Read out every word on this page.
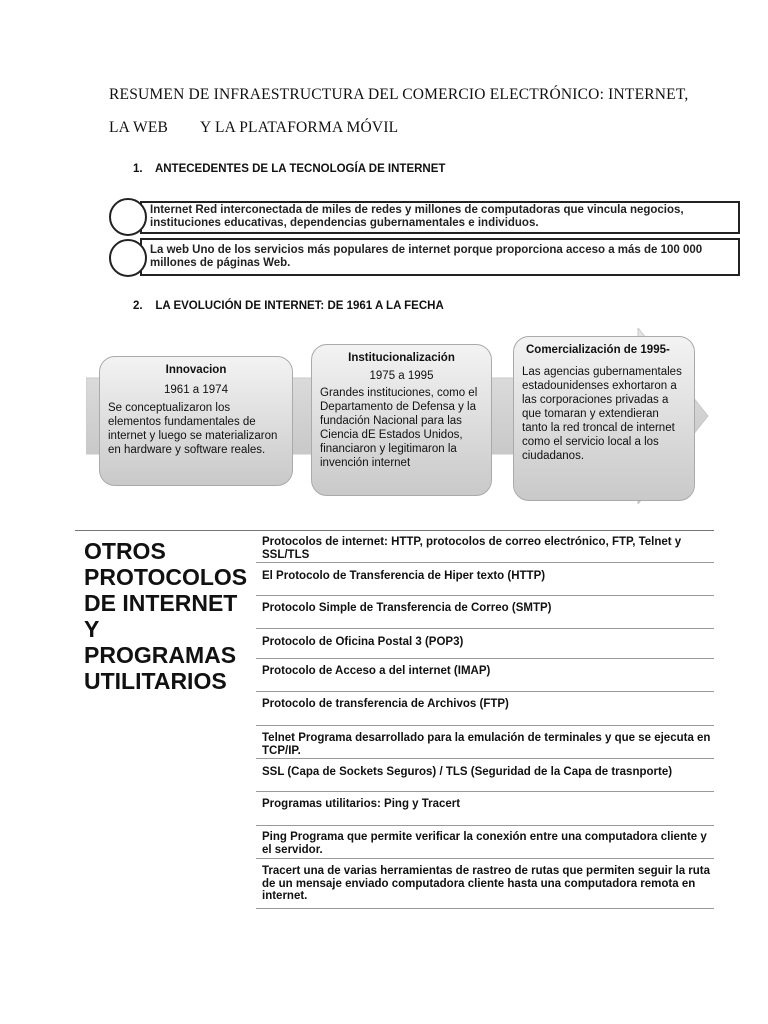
RESUMEN DE INFRAESTRUCTURA DEL COMERCIO ELECTRÓNICO: INTERNET,
LA WEB Y LA PLATAFORMA MÓVIL
1.    ANTECEDENTES DE LA TECNOLOGÍA DE INTERNET
Internet Red interconectada de miles de redes y millones de computadoras que vincula negocios, instituciones educativas, dependencias gubernamentales e individuos.
La web Uno de los servicios más populares de internet porque proporciona acceso a más de 100 000 millones de páginas Web.
2.    LA EVOLUCIÓN DE INTERNET: DE 1961 A LA FECHA
Innovacion
1961 a 1974
Se conceptualizaron los elementos fundamentales de internet y luego se materializaron en hardware y software reales.
Institucionalización
1975 a 1995
Grandes instituciones, como el Departamento de Defensa y la fundación Nacional para las Ciencia dE Estados Unidos, financiaron y legitimaron la invención internet
Comercialización de 1995-
Las agencias gubernamentales estadounidenses exhortaron a las corporaciones privadas a que tomaran y extendieran tanto la red troncal de internet como el servicio local a los ciudadanos.
OTROS
PROTOCOLOS
DE INTERNET
Y
PROGRAMAS
UTILITARIOS
Protocolos de internet: HTTP, protocolos de correo electrónico, FTP, Telnet y SSL/TLS
El Protocolo de Transferencia de Hiper texto (HTTP)
Protocolo Simple de Transferencia de Correo (SMTP)
Protocolo de Oficina Postal 3 (POP3)
Protocolo de Acceso a del internet (IMAP)
Protocolo de transferencia de Archivos (FTP)
Telnet Programa desarrollado para la emulación de terminales y que se ejecuta en TCP/IP.
SSL (Capa de Sockets Seguros) / TLS (Seguridad de la Capa de trasnporte)
Programas utilitarios: Ping y Tracert
Ping Programa que permite verificar la conexión entre una computadora cliente y el servidor.
Tracert una de varias herramientas de rastreo de rutas que permiten seguir la ruta de un mensaje enviado computadora cliente hasta una computadora remota en internet.
